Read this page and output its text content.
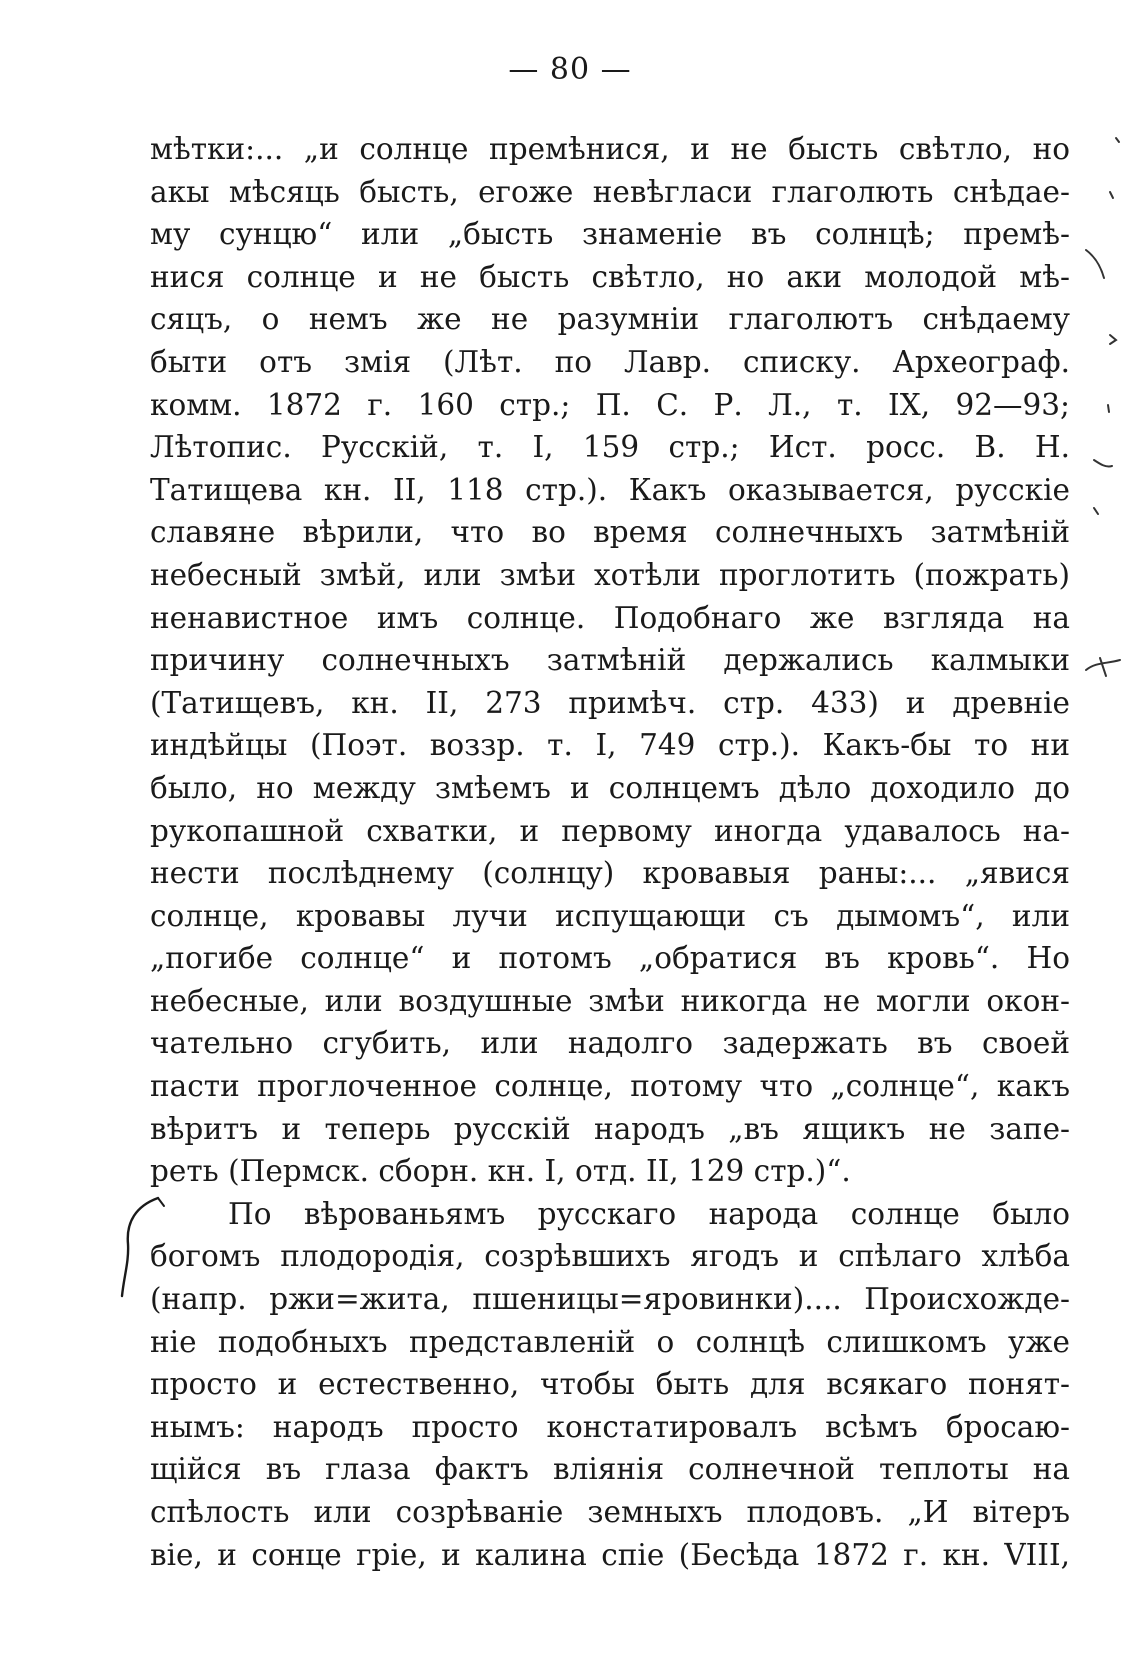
— 80 —
мѣтки:... „и солнце премѣнися, и не бысть свѣтло, но
акы мѣсяць бысть, егоже невѣгласи глаголють снѣдае-
му сунцю“ или „бысть знаменіе въ солнцѣ; премѣ-
нися солнце и не бысть свѣтло, но аки молодой мѣ-
сяцъ, о немъ же не разумніи глаголютъ снѣдаему
быти отъ змія (Лѣт. по Лавр. списку. Археограф.
комм. 1872 г. 160 стр.; П. С. Р. Л., т. IX, 92—93;
Лѣтопис. Русскій, т. I, 159 стр.; Ист. росс. В. Н.
Татищева кн. II, 118 стр.). Какъ оказывается, русскіе
славяне вѣрили, что во время солнечныхъ затмѣній
небесный змѣй, или змѣи хотѣли проглотить (пожрать)
ненавистное имъ солнце. Подобнаго же взгляда на
причину солнечныхъ затмѣній держались калмыки
(Татищевъ, кн. II, 273 примѣч. стр. 433) и древніе
индѣйцы (Поэт. воззр. т. I, 749 стр.). Какъ-бы то ни
было, но между змѣемъ и солнцемъ дѣло доходило до
рукопашной схватки, и первому иногда удавалось на-
нести послѣднему (солнцу) кровавыя раны:... „явися
солнце, кровавы лучи испущающи съ дымомъ“, или
„погибе солнце“ и потомъ „обратися въ кровь“. Но
небесные, или воздушные змѣи никогда не могли окон-
чательно сгубить, или надолго задержать въ своей
пасти проглоченное солнце, потому что „солнце“, какъ
вѣритъ и теперь русскій народъ „въ ящикъ не запе-
реть (Пермск. сборн. кн. I, отд. II, 129 стр.)“.
По вѣрованьямъ русскаго народа солнце было
богомъ плодородія, созрѣвшихъ ягодъ и спѣлаго хлѣба
(напр. ржи=жита, пшеницы=яровинки).... Происхожде-
ніе подобныхъ представленій о солнцѣ слишкомъ уже
просто и естественно, чтобы быть для всякаго понят-
нымъ: народъ просто констатировалъ всѣмъ бросаю-
щійся въ глаза фактъ вліянія солнечной теплоты на
спѣлость или созрѣваніе земныхъ плодовъ. „И вітеръ
віе, и сонце гріе, и калина спіе (Бесѣда 1872 г. кн. VIII,
